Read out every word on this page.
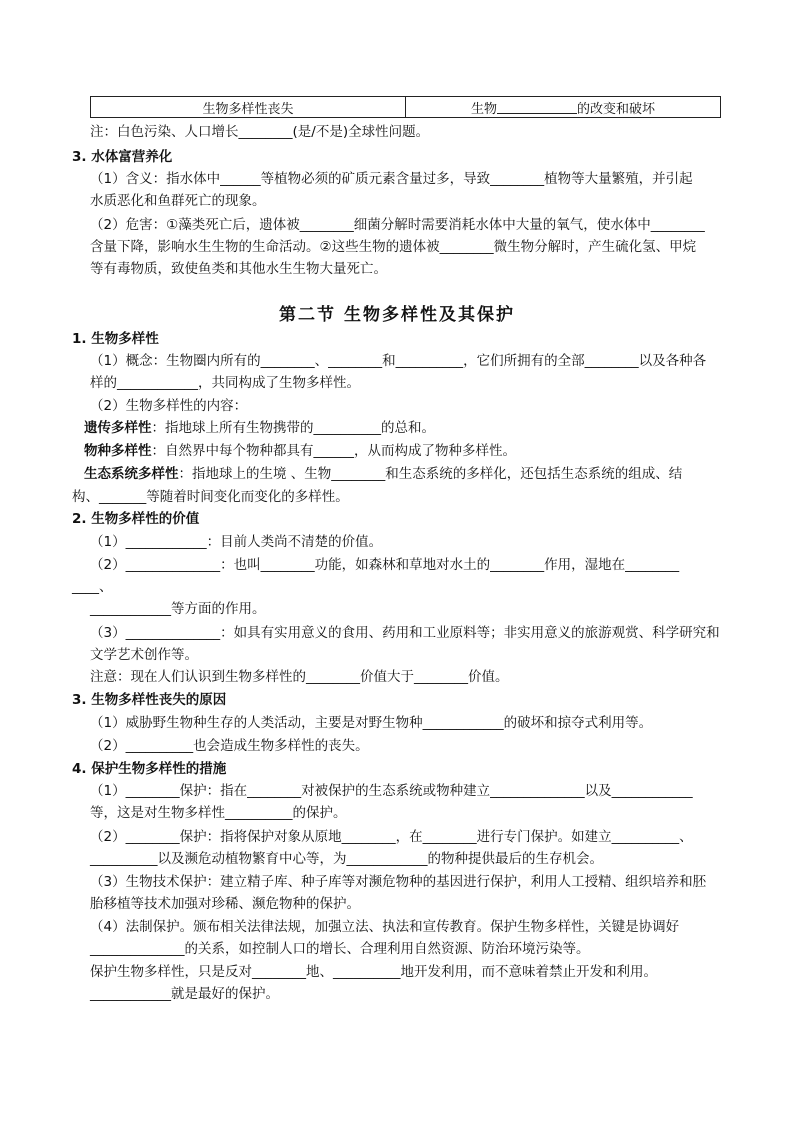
生物多样性丧失	生物	的改变和破坏
注：白色污染、人口增长________(是/不是)全球性问题。
3. 水体富营养化
（1）含义：指水体中______等植物必须的矿质元素含量过多，导致________植物等大量繁殖，并引起
水质恶化和鱼群死亡的现象。
（2）危害：①藻类死亡后，遗体被________细菌分解时需要消耗水体中大量的氧气，使水体中________
含量下降，影响水生生物的生命活动。②这些生物的遗体被________微生物分解时，产生硫化氢、甲烷
等有毒物质，致使鱼类和其他水生生物大量死亡。
第二节 生物多样性及其保护
1. 生物多样性
（1）概念：生物圈内所有的________、________和__________，它们所拥有的全部________以及各种各
样的____________，共同构成了生物多样性。
（2）生物多样性的内容：
遗传多样性：指地球上所有生物携带的__________的总和。
物种多样性：自然界中每个物种都具有______，从而构成了物种多样性。
生态系统多样性：指地球上的生境 、生物________和生态系统的多样化，还包括生态系统的组成、结
构、_______等随着时间变化而变化的多样性。
2. 生物多样性的价值
（1）____________：目前人类尚不清楚的价值。
（2）______________：也叫________功能，如森林和草地对水土的________作用，湿地在________
____、
____________等方面的作用。
（3）______________：如具有实用意义的食用、药用和工业原料等；非实用意义的旅游观赏、科学研究和
文学艺术创作等。
注意：现在人们认识到生物多样性的________价值大于________价值。
3. 生物多样性丧失的原因
（1）威胁野生物种生存的人类活动，主要是对野生物种____________的破坏和掠夺式利用等。
（2）__________也会造成生物多样性的丧失。
4. 保护生物多样性的措施
（1）________保护：指在________对被保护的生态系统或物种建立______________以及____________
等，这是对生物多样性__________的保护。
（2）________保护：指将保护对象从原地________，在________进行专门保护。如建立__________、
__________以及濒危动植物繁育中心等，为____________的物种提供最后的生存机会。
（3）生物技术保护：建立精子库、种子库等对濒危物种的基因进行保护，利用人工授精、组织培养和胚
胎移植等技术加强对珍稀、濒危物种的保护。
（4）法制保护。颁布相关法律法规，加强立法、执法和宣传教育。保护生物多样性，关键是协调好
______________的关系，如控制人口的增长、合理利用自然资源、防治环境污染等。
保护生物多样性，只是反对________地、__________地开发利用，而不意味着禁止开发和利用。
____________就是最好的保护。
